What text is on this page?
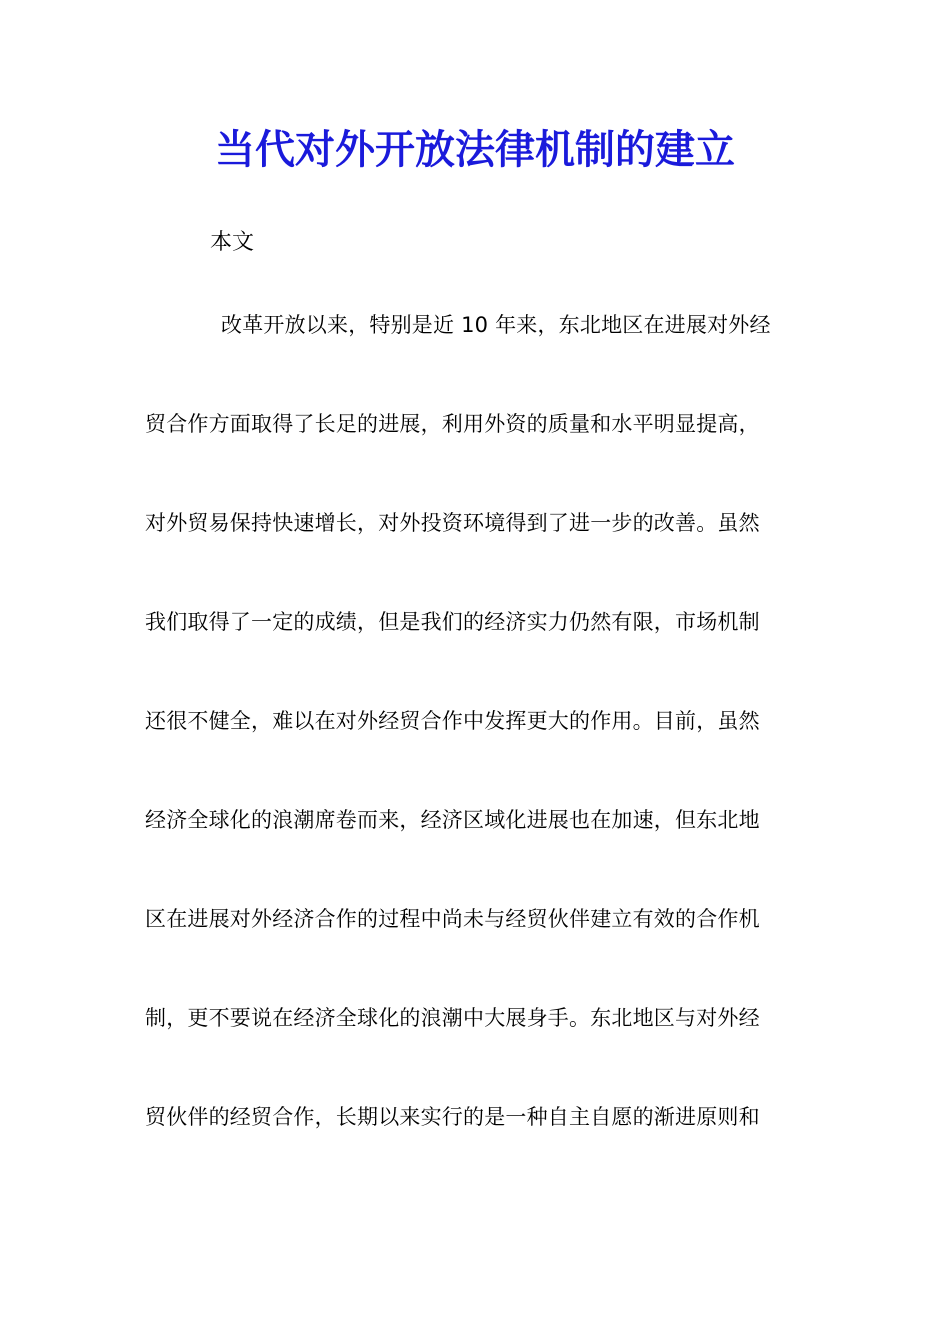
当代对外开放法律机制的建立

本文

改革开放以来，特别是近 10 年来，东北地区在进展对外经

贸合作方面取得了长足的进展，利用外资的质量和水平明显提高，

对外贸易保持快速增长，对外投资环境得到了进一步的改善。虽然

我们取得了一定的成绩，但是我们的经济实力仍然有限，市场机制

还很不健全，难以在对外经贸合作中发挥更大的作用。目前，虽然

经济全球化的浪潮席卷而来，经济区域化进展也在加速，但东北地

区在进展对外经济合作的过程中尚未与经贸伙伴建立有效的合作机

制，更不要说在经济全球化的浪潮中大展身手。东北地区与对外经

贸伙伴的经贸合作，长期以来实行的是一种自主自愿的渐进原则和
